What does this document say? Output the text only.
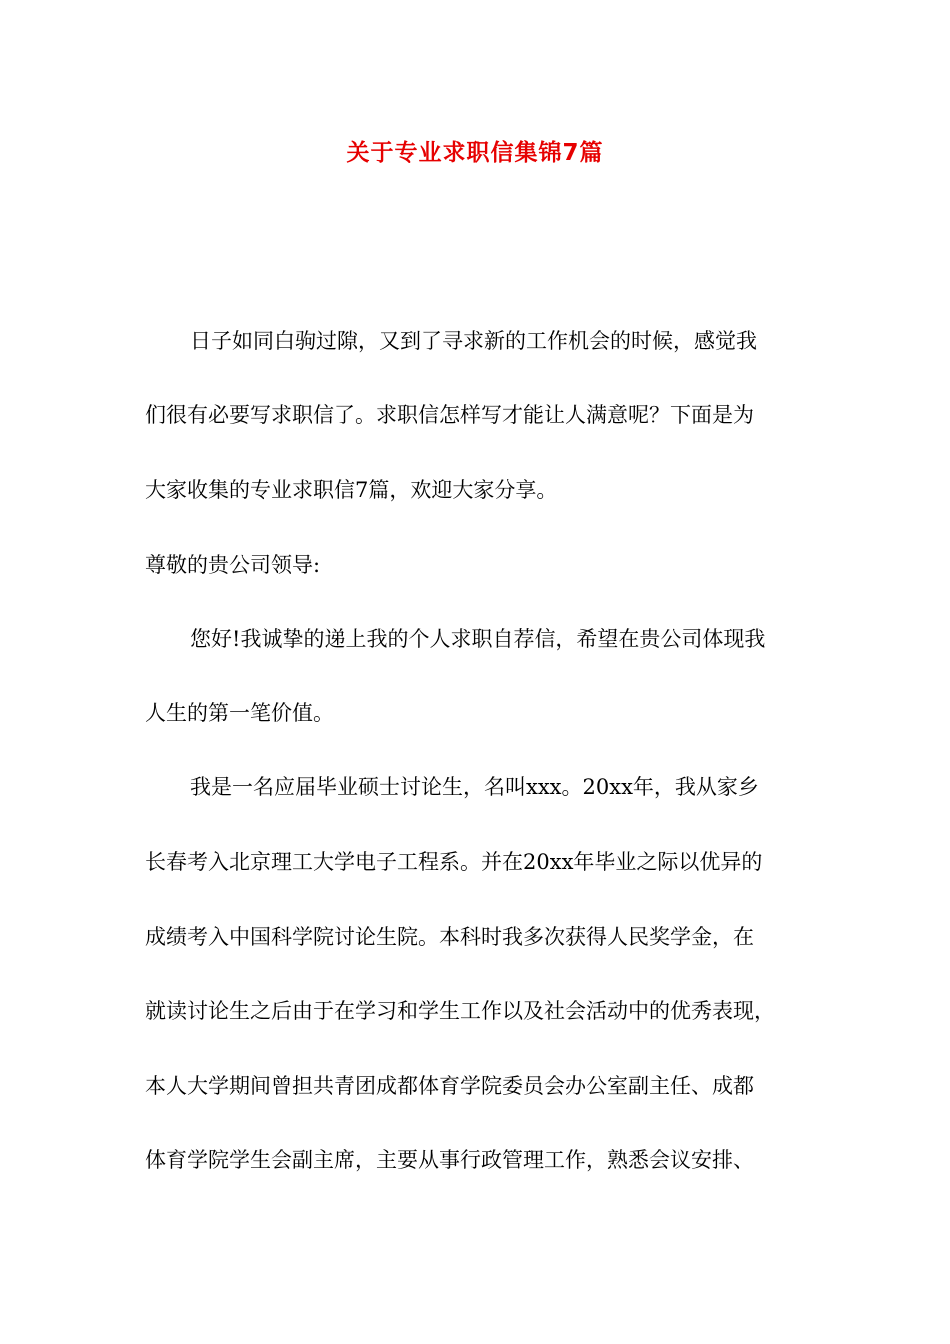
关于专业求职信集锦7篇
日子如同白驹过隙，又到了寻求新的工作机会的时候，感觉我
们很有必要写求职信了。求职信怎样写才能让人满意呢？下面是为
大家收集的专业求职信7篇，欢迎大家分享。
尊敬的贵公司领导:
您好!我诚挚的递上我的个人求职自荐信，希望在贵公司体现我
人生的第一笔价值。
我是一名应届毕业硕士讨论生，名叫xxx。20xx年，我从家乡
长春考入北京理工大学电子工程系。并在20xx年毕业之际以优异的
成绩考入中国科学院讨论生院。本科时我多次获得人民奖学金，在
就读讨论生之后由于在学习和学生工作以及社会活动中的优秀表现，
本人大学期间曾担共青团成都体育学院委员会办公室副主任、成都
体育学院学生会副主席，主要从事行政管理工作，熟悉会议安排、
